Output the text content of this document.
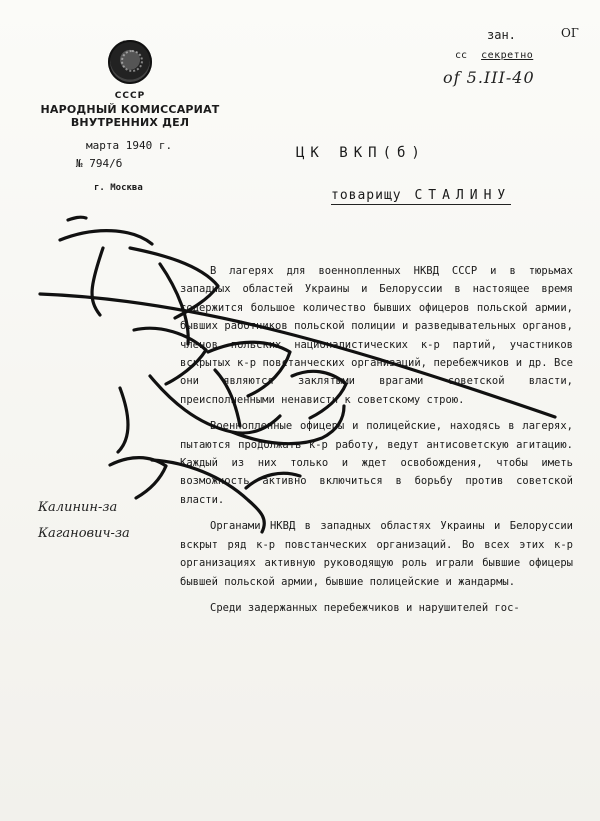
СССР
НАРОДНЫЙ КОМИССАРИАТ
ВНУТРЕННИХ ДЕЛ
марта 1940 г.
№ 794/б
г. Москва
зан.	ОГ
сс секретно
оf 5.III-40
ЦК ВКП(б)
товарищу СТАЛИНУ

В лагерях для военнопленных НКВД СССР и в тюрьмах западных областей Украины и Белоруссии в настоящее время содержится большое количество бывших офицеров польской армии, бывших работников польской полиции и разведывательных органов, членов польских националистических к-р партий, участников вскрытых к-р повстанческих организаций, перебежчиков и др. Все они являются заклятыми врагами советской власти, преисполненными ненависти к советскому строю.

Военнопленные офицеры и полицейские, находясь в лагерях, пытаются продолжать к-р работу, ведут антисоветскую агитацию. Каждый из них только и ждет освобождения, чтобы иметь возможность активно включиться в борьбу против советской власти.

Органами НКВД в западных областях Украины и Белоруссии вскрыт ряд к-р повстанческих организаций. Во всех этих к-р организациях активную руководящую роль играли бывшие офицеры бывшей польской армии, бывшие полицейские и жандармы.

Среди задержанных перебежчиков и нарушителей гос-

Калинин-за
Каганович-за
